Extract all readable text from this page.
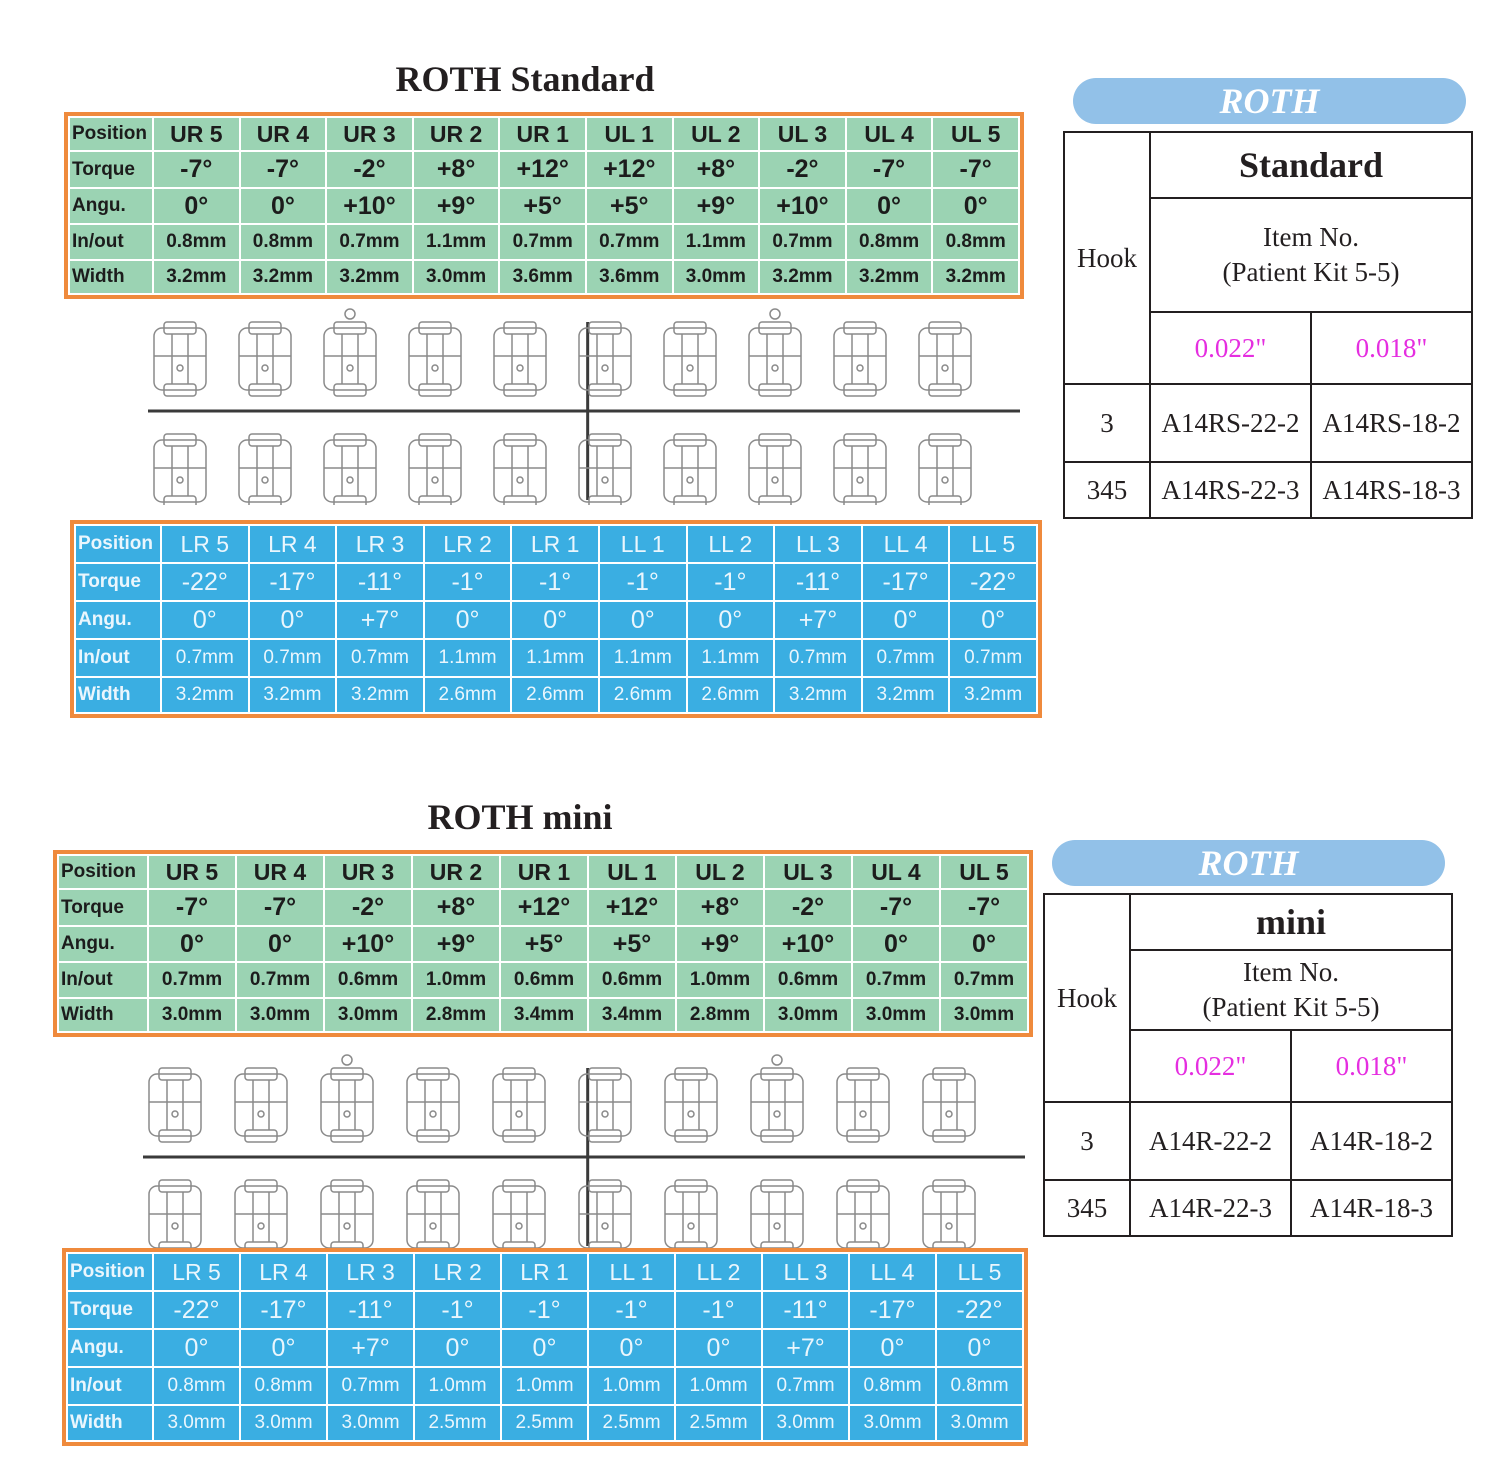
ROTH Standard
Position	UR 5	UR 4	UR 3	UR 2	UR 1	UL 1	UL 2	UL 3	UL 4	UL 5
Torque	-7°	-7°	-2°	+8°	+12°	+12°	+8°	-2°	-7°	-7°
Angu.	0°	0°	+10°	+9°	+5°	+5°	+9°	+10°	0°	0°
In/out	0.8mm	0.8mm	0.7mm	1.1mm	0.7mm	0.7mm	1.1mm	0.7mm	0.8mm	0.8mm
Width	3.2mm	3.2mm	3.2mm	3.0mm	3.6mm	3.6mm	3.0mm	3.2mm	3.2mm	3.2mm
Position	LR 5	LR 4	LR 3	LR 2	LR 1	LL 1	LL 2	LL 3	LL 4	LL 5
Torque	-22°	-17°	-11°	-1°	-1°	-1°	-1°	-11°	-17°	-22°
Angu.	0°	0°	+7°	0°	0°	0°	0°	+7°	0°	0°
In/out	0.7mm	0.7mm	0.7mm	1.1mm	1.1mm	1.1mm	1.1mm	0.7mm	0.7mm	0.7mm
Width	3.2mm	3.2mm	3.2mm	2.6mm	2.6mm	2.6mm	2.6mm	3.2mm	3.2mm	3.2mm
ROTH
Hook	Standard	

	Item No.
(Patient Kit 5-5)	

	0.022"	0.018"
3	A14RS-22-2	A14RS-18-2
345	A14RS-22-3	A14RS-18-3
ROTH mini
Position	UR 5	UR 4	UR 3	UR 2	UR 1	UL 1	UL 2	UL 3	UL 4	UL 5
Torque	-7°	-7°	-2°	+8°	+12°	+12°	+8°	-2°	-7°	-7°
Angu.	0°	0°	+10°	+9°	+5°	+5°	+9°	+10°	0°	0°
In/out	0.7mm	0.7mm	0.6mm	1.0mm	0.6mm	0.6mm	1.0mm	0.6mm	0.7mm	0.7mm
Width	3.0mm	3.0mm	3.0mm	2.8mm	3.4mm	3.4mm	2.8mm	3.0mm	3.0mm	3.0mm
Position	LR 5	LR 4	LR 3	LR 2	LR 1	LL 1	LL 2	LL 3	LL 4	LL 5
Torque	-22°	-17°	-11°	-1°	-1°	-1°	-1°	-11°	-17°	-22°
Angu.	0°	0°	+7°	0°	0°	0°	0°	+7°	0°	0°
In/out	0.8mm	0.8mm	0.7mm	1.0mm	1.0mm	1.0mm	1.0mm	0.7mm	0.8mm	0.8mm
Width	3.0mm	3.0mm	3.0mm	2.5mm	2.5mm	2.5mm	2.5mm	3.0mm	3.0mm	3.0mm
ROTH
Hook	mini	

	Item No.
(Patient Kit 5-5)	

	0.022"	0.018"
3	A14R-22-2	A14R-18-2
345	A14R-22-3	A14R-18-3
